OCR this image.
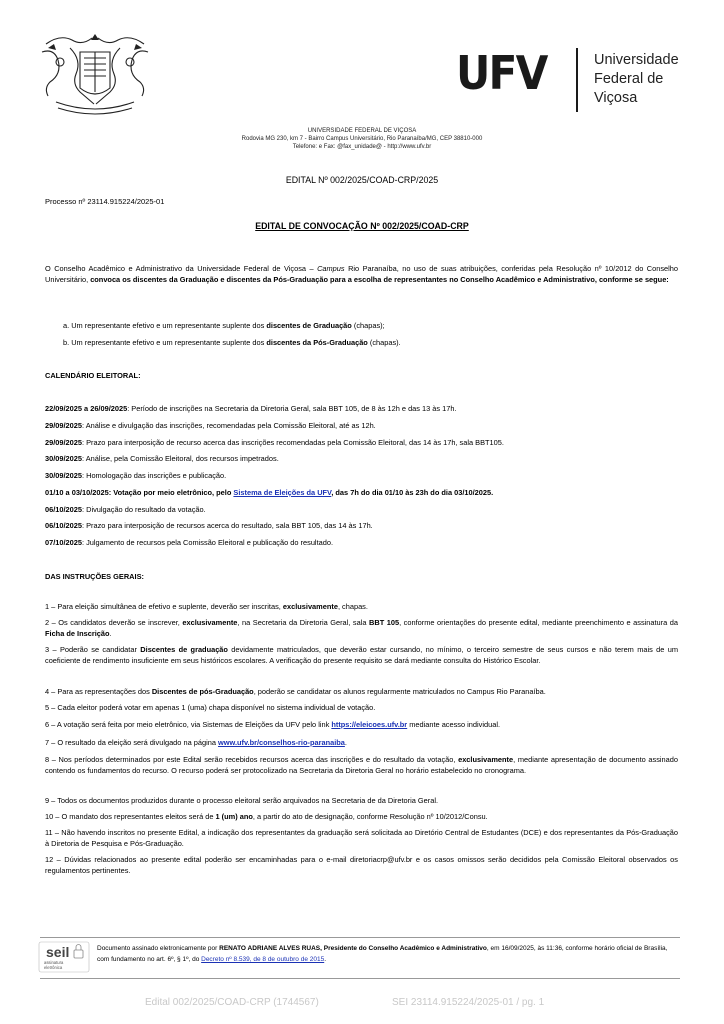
UFV	Universidade
Federal de
Viçosa
UNIVERSIDADE FEDERAL DE VIÇOSA
Rodovia MG 230, km 7 - Bairro Campus Universitário, Rio Paranaíba/MG, CEP 38810-000
Telefone: e Fax: @fax_unidade@ - http://www.ufv.br
EDITAL Nº 002/2025/COAD-CRP/2025
Processo nº 23114.915224/2025-01
EDITAL DE CONVOCAÇÃO Nº 002/2025/COAD-CRP
O Conselho Acadêmico e Administrativo da Universidade Federal de Viçosa – Campus Rio Paranaíba, no uso de suas atribuições, conferidas pela Resolução nº 10/2012 do Conselho Universitário, convoca os discentes da Graduação e discentes da Pós-Graduação para a escolha de representantes no Conselho Acadêmico e Administrativo, conforme se segue:
a. Um representante efetivo e um representante suplente dos discentes de Graduação (chapas);
b. Um representante efetivo e um representante suplente dos discentes da Pós-Graduação (chapas).
CALENDÁRIO ELEITORAL:
22/09/2025 a 26/09/2025: Período de inscrições na Secretaria da Diretoria Geral, sala BBT 105, de 8 às 12h e das 13 às 17h.
29/09/2025: Análise e divulgação das inscrições, recomendadas pela Comissão Eleitoral, até as 12h.
29/09/2025: Prazo para interposição de recurso acerca das inscrições recomendadas pela Comissão Eleitoral, das 14 às 17h, sala BBT105.
30/09/2025: Análise, pela Comissão Eleitoral, dos recursos impetrados.
30/09/2025: Homologação das inscrições e publicação.
01/10 a 03/10/2025: Votação por meio eletrônico, pelo Sistema de Eleições da UFV, das 7h do dia 01/10 às 23h do dia 03/10/2025.
06/10/2025: Divulgação do resultado da votação.
06/10/2025: Prazo para interposição de recursos acerca do resultado, sala BBT 105, das 14 às 17h.
07/10/2025: Julgamento de recursos pela Comissão Eleitoral e publicação do resultado.
DAS INSTRUÇÕES GERAIS:
1 – Para eleição simultânea de efetivo e suplente, deverão ser inscritas, exclusivamente, chapas.
2 – Os candidatos deverão se inscrever, exclusivamente, na Secretaria da Diretoria Geral, sala BBT 105, conforme orientações do presente edital, mediante preenchimento e assinatura da Ficha de Inscrição.
3 – Poderão se candidatar Discentes de graduação devidamente matriculados, que deverão estar cursando, no mínimo, o terceiro semestre de seus cursos e não terem mais de um coeficiente de rendimento insuficiente em seus históricos escolares. A verificação do presente requisito se dará mediante consulta do Histórico Escolar.
4 – Para as representações dos Discentes de pós-Graduação, poderão se candidatar os alunos regularmente matriculados no Campus Rio Paranaíba.
5 – Cada eleitor poderá votar em apenas 1 (uma) chapa disponível no sistema individual de votação.
6 – A votação será feita por meio eletrônico, via Sistemas de Eleições da UFV pelo link https://eleicoes.ufv.br mediante acesso individual.
7 – O resultado da eleição será divulgado na página www.ufv.br/conselhos-rio-paranaiba.
8 – Nos períodos determinados por este Edital serão recebidos recursos acerca das inscrições e do resultado da votação, exclusivamente, mediante apresentação de documento assinado contendo os fundamentos do recurso. O recurso poderá ser protocolizado na Secretaria da Diretoria Geral no horário estabelecido no cronograma.
9 – Todos os documentos produzidos durante o processo eleitoral serão arquivados na Secretaria de da Diretoria Geral.
10 – O mandato dos representantes eleitos será de 1 (um) ano, a partir do ato de designação, conforme Resolução nº 10/2012/Consu.
11 – Não havendo inscritos no presente Edital, a indicação dos representantes da graduação será solicitada ao Diretório Central de Estudantes (DCE) e dos representantes da Pós-Graduação à Diretoria de Pesquisa e Pós-Graduação.
12 – Dúvidas relacionados ao presente edital poderão ser encaminhadas para o e-mail diretoriacrp@ufv.br e os casos omissos serão decididos pela Comissão Eleitoral observados os regulamentos pertinentes.
seil
assinatura
eletrônica
Documento assinado eletronicamente por RENATO ADRIANE ALVES RUAS, Presidente do Conselho Acadêmico e Administrativo, em 16/09/2025, às 11:36, conforme horário oficial de Brasília, com fundamento no art. 6º, § 1º, do Decreto nº 8.539, de 8 de outubro de 2015.
Edital 002/2025/COAD-CRP (1744567)	SEI 23114.915224/2025-01 / pg. 1
